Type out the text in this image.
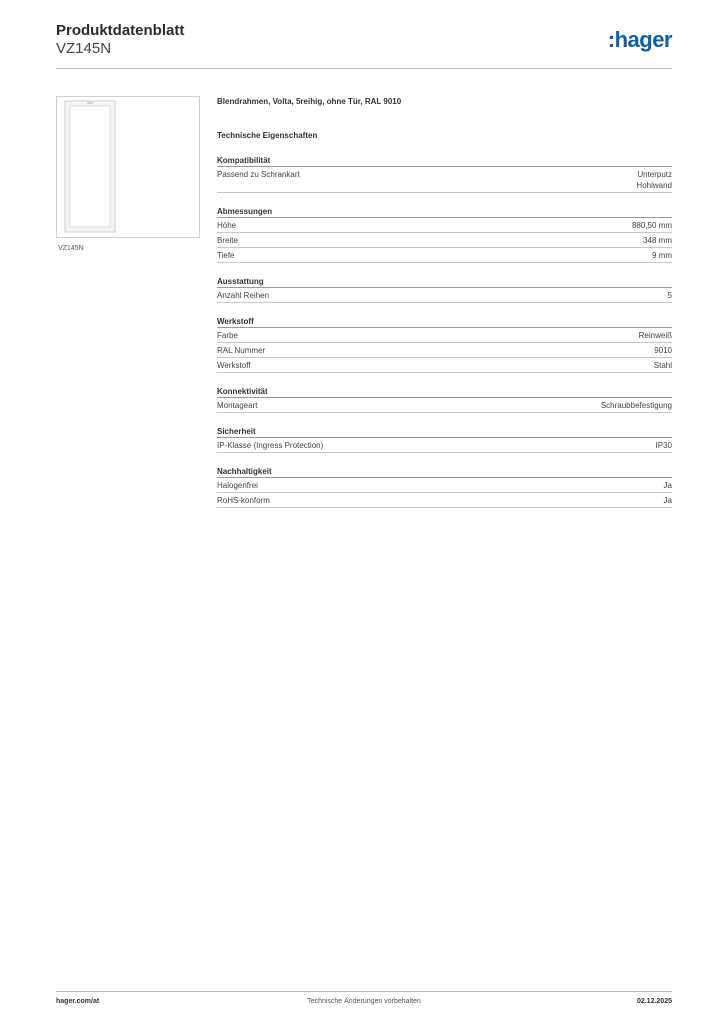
Produktdatenblatt
VZ145N	:hager
VZ145N
Blendrahmen, Volta, 5reihig, ohne Tür, RAL 9010
Technische Eigenschaften
Kompatibilität
Passend zu Schrankart	Unterputz
Hohlwand
Abmessungen
Höhe	880,50 mm
Breite	348 mm
Tiefe	9 mm
Ausstattung
Anzahl Reihen	5
Werkstoff
Farbe	Reinweiß
RAL Nummer	9010
Werkstoff	Stahl
Konnektivität
Montageart	Schraubbefestigung
Sicherheit
IP-Klasse (Ingress Protection)	IP30
Nachhaltigkeit
Halogenfrei	Ja
RoHS-konform	Ja
hager.com/at	Technische Änderungen vorbehalten	02.12.2025
